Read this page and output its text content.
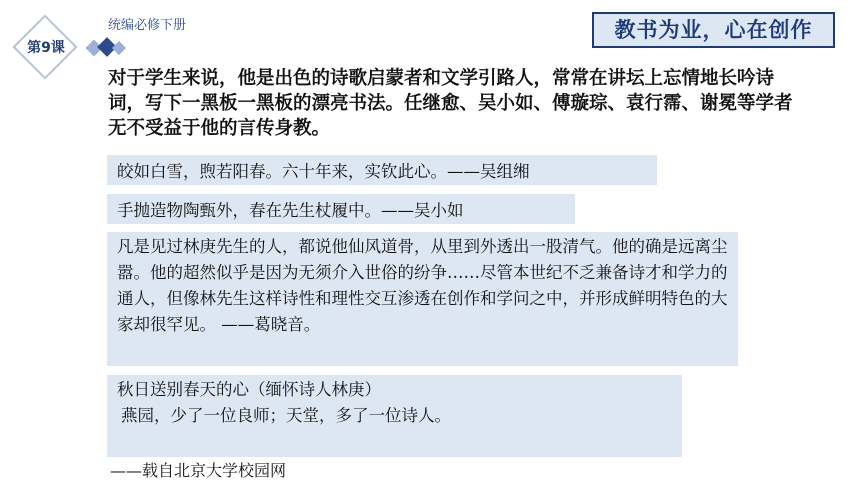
第9课
统编必修下册	教书为业，心在创作
对于学生来说，他是出色的诗歌启蒙者和文学引路人，常常在讲坛上忘情地长吟诗词，写下一黑板一黑板的漂亮书法。任继愈、吴小如、傅璇琮、袁行霈、谢冕等学者无不受益于他的言传身教。
皎如白雪，煦若阳春。六十年来，实钦此心。——吴组缃
手抛造物陶甄外，春在先生杖履中。——吴小如
凡是见过林庚先生的人，都说他仙风道骨，从里到外透出一股清气。他的确是远离尘嚣。他的超然似乎是因为无须介入世俗的纷争……尽管本世纪不乏兼备诗才和学力的通人，但像林先生这样诗性和理性交互渗透在创作和学问之中，并形成鲜明特色的大家却很罕见。 ——葛晓音。
秋日送别春天的心（缅怀诗人林庚）
燕园，少了一位良师；天堂，多了一位诗人。
——载自北京大学校园网
